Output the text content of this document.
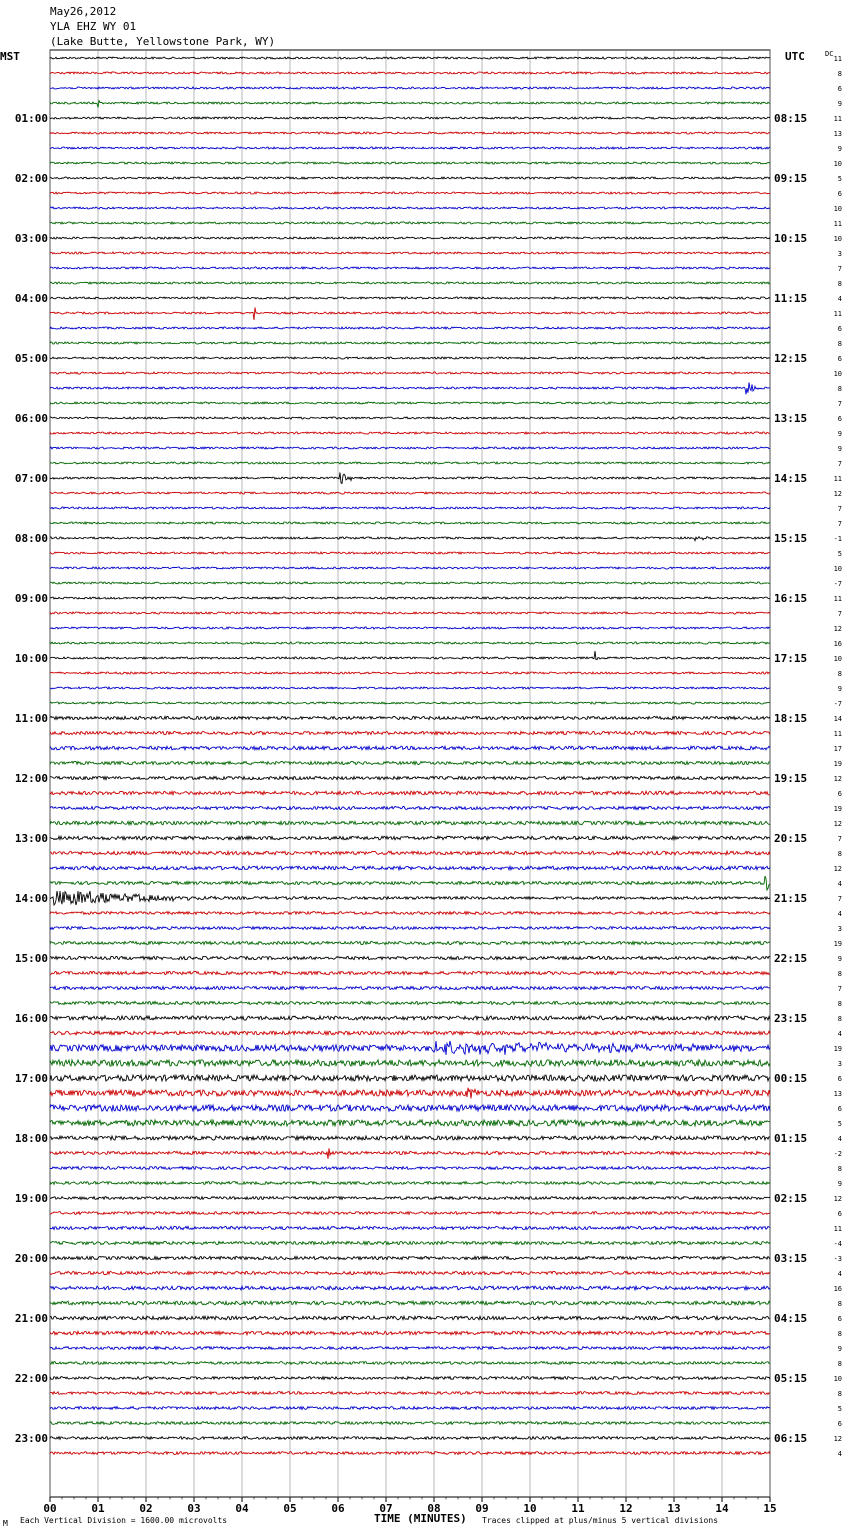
May26,2012
YLA EHZ WY 01
(Lake Butte, Yellowstone Park, WY)
MST	UTC	DC
00	01	02	03	04	05	06	07	08	09	10	11	12	13	14	15
11
8
6
9
11
13
9
10
5
6
10
11
10
3
7
8
4
11
6
8
6
10
8
7
6
9
9
7
11
12
7
7
-1
5
10
-7
11
7
12
16
10
8
9
-7
14
11
17
19
12
6
19
12
7
8
12
4
7
4
3
19
9
8
7
8
8
4
19
3
6
13
6
5
4
-2
8
9
12
6
11
-4
-3
4
16
8
6
8
9
8
10
8
5
6
12
4
01:00
02:00
03:00
04:00
05:00
06:00
07:00
08:00
09:00
10:00
11:00
12:00
13:00
14:00
15:00
16:00
17:00
18:00
19:00
20:00
21:00
22:00
23:00
08:15
09:15
10:15
11:15
12:15
13:15
14:15
15:15
16:15
17:15
18:15
19:15
20:15
21:15
22:15
23:15
00:15
01:15
02:15
03:15
04:15
05:15
06:15
M Each Vertical Division = 1600.00 microvolts	TIME (MINUTES) Traces clipped at plus/minus 5 vertical divisions
